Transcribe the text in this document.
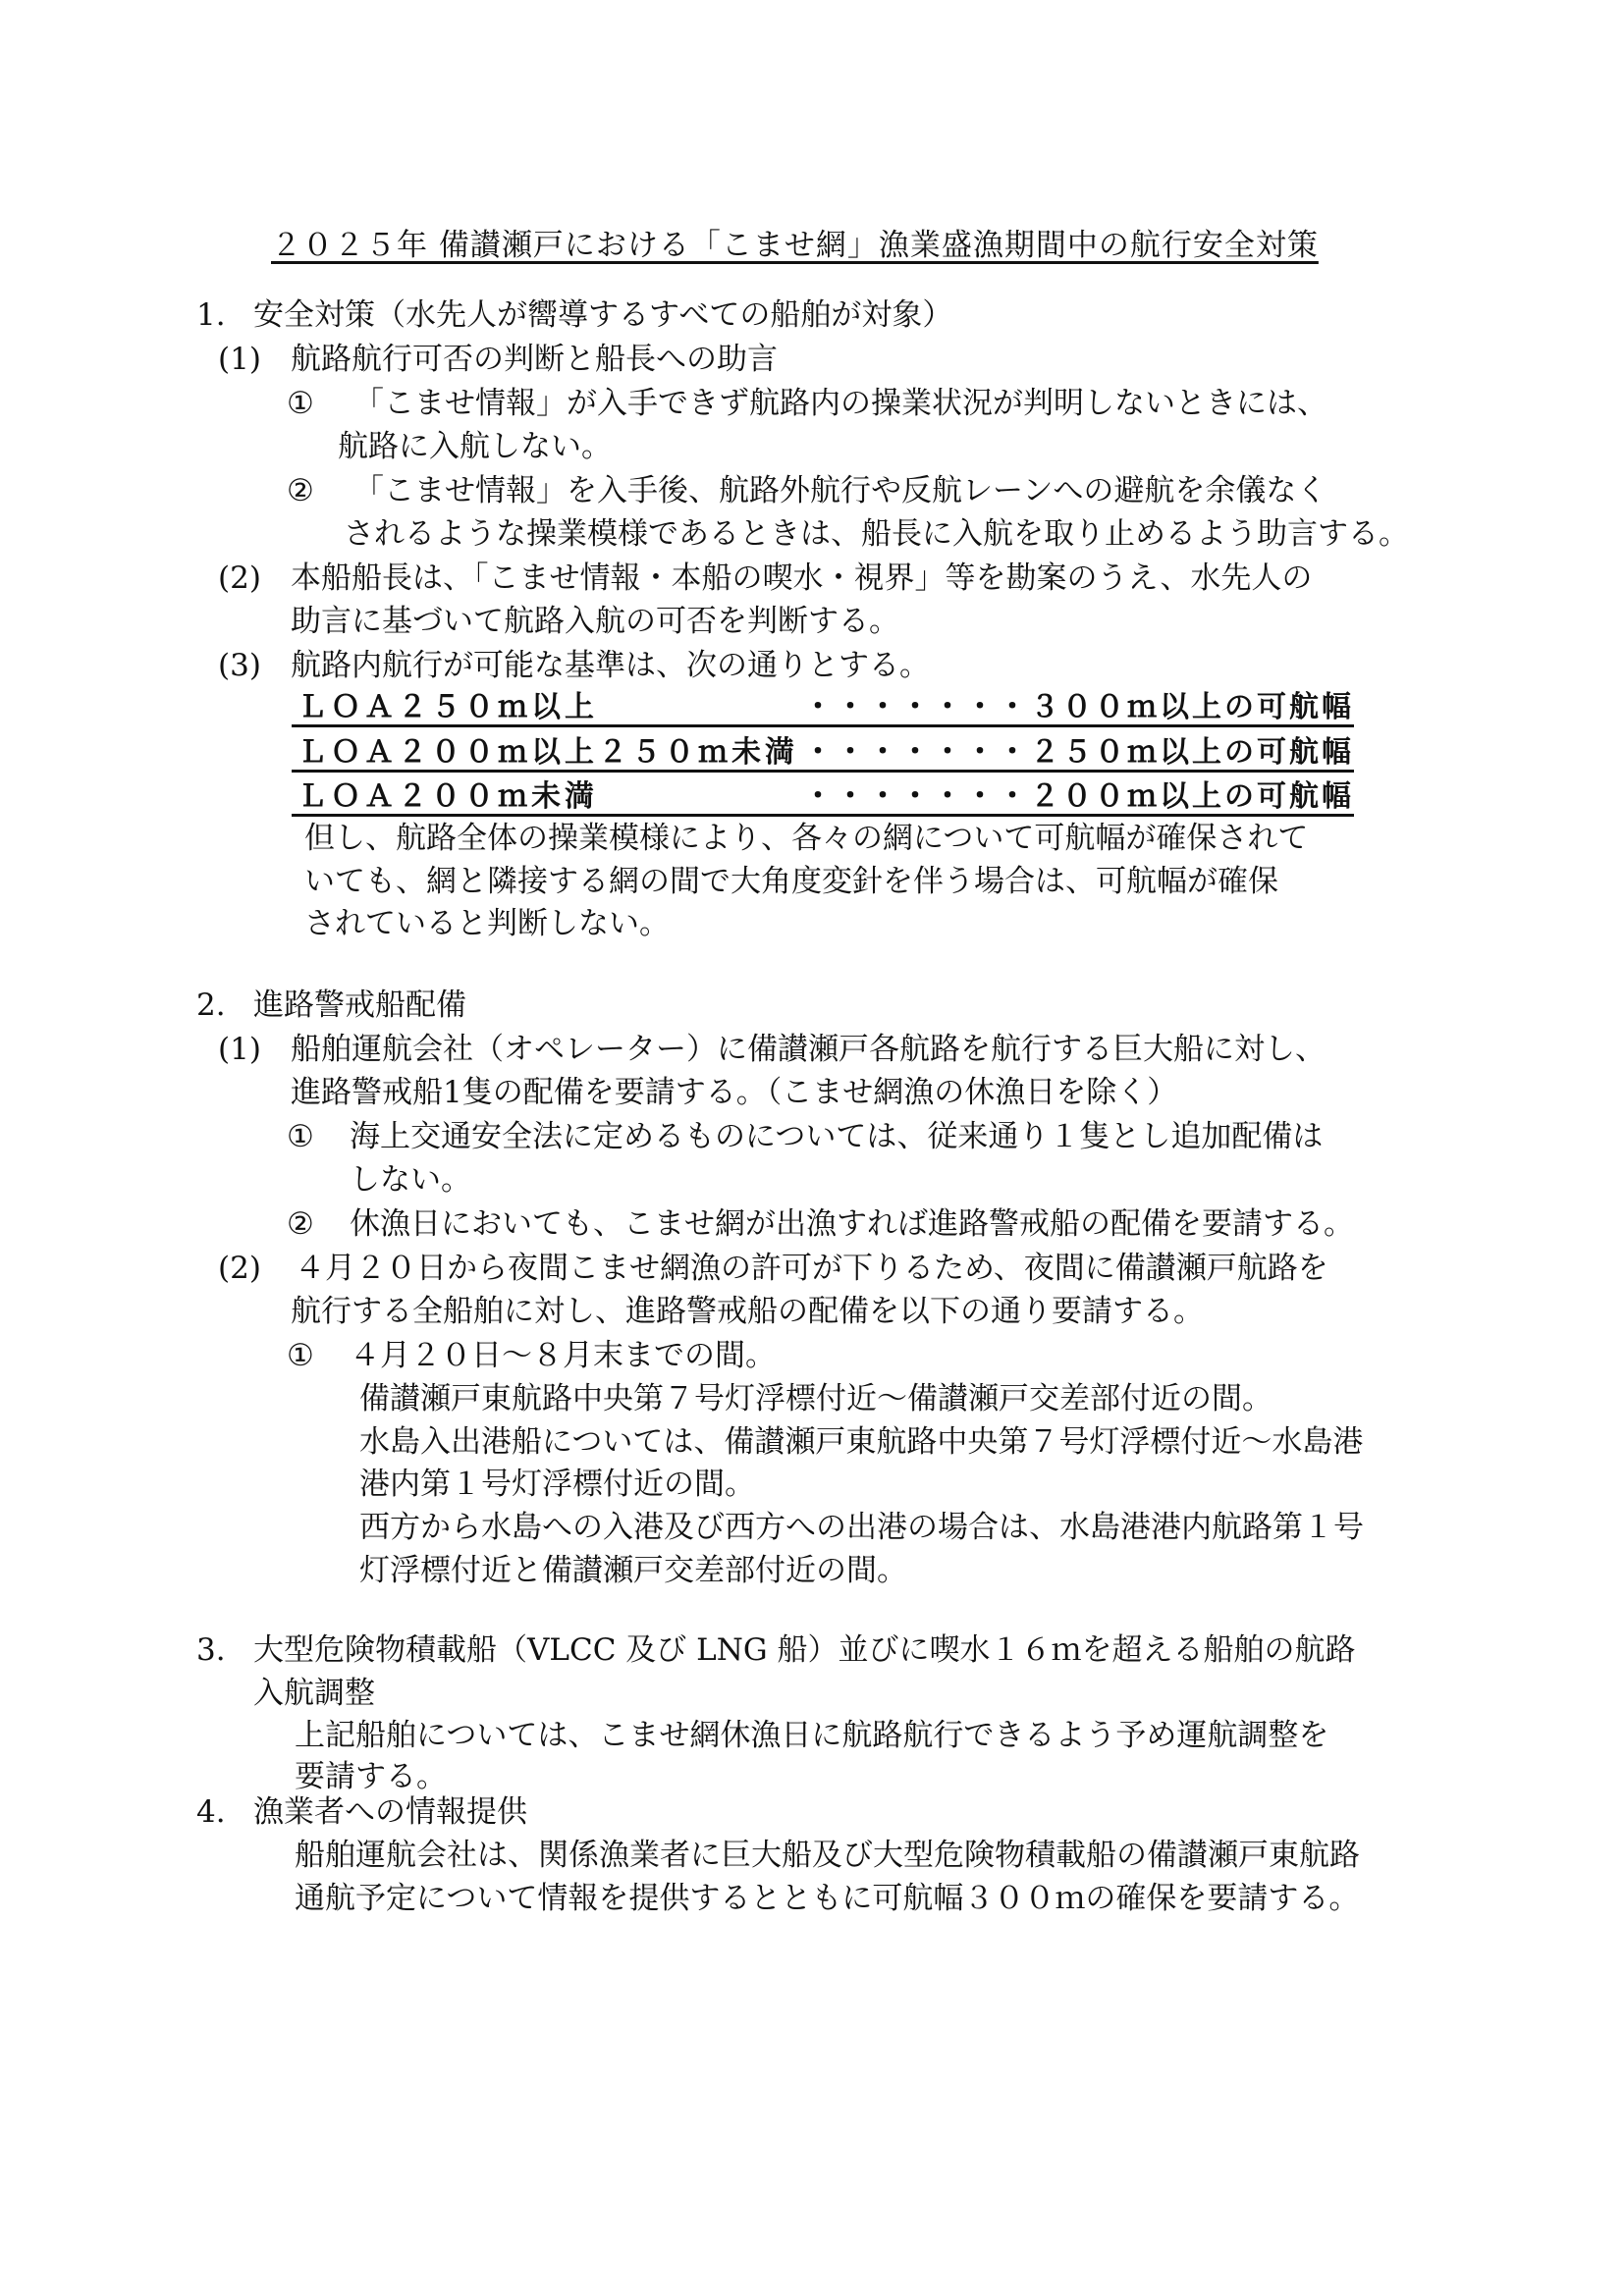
２０２５年 備讃瀬戸における「こませ網」漁業盛漁期間中の航行安全対策
1. 安全対策（水先人が嚮導するすべての船舶が対象）
(1) 航路航行可否の判断と船長への助言
① 「こませ情報」が入手できず航路内の操業状況が判明しないときには、
航路に入航しない。
② 「こませ情報」を入手後、航路外航行や反航レーンへの避航を余儀なく
されるような操業模様であるときは、船長に入航を取り止めるよう助言する。
(2) 本船船長は、「こませ情報・本船の喫水・視界」等を勘案のうえ、水先人の
助言に基づいて航路入航の可否を判断する。
(3) 航路内航行が可能な基準は、次の通りとする。
ＬＯＡ２５０ｍ以上	・・・・・・・３００ｍ以上の可航幅
ＬＯＡ２００ｍ以上２５０ｍ未満 ・・・・・・・２５０ｍ以上の可航幅
ＬＯＡ２００ｍ未満	・・・・・・・２００ｍ以上の可航幅
但し、航路全体の操業模様により、各々の網について可航幅が確保されて
いても、網と隣接する網の間で大角度変針を伴う場合は、可航幅が確保
されていると判断しない。
2. 進路警戒船配備
(1) 船舶運航会社（オペレーター）に備讃瀬戸各航路を航行する巨大船に対し、
進路警戒船1隻の配備を要請する。（こませ網漁の休漁日を除く）
① 海上交通安全法に定めるものについては、従来通り１隻とし追加配備は
しない。
② 休漁日においても、こませ網が出漁すれば進路警戒船の配備を要請する。
(2) ４月２０日から夜間こませ網漁の許可が下りるため、夜間に備讃瀬戸航路を
航行する全船舶に対し、進路警戒船の配備を以下の通り要請する。
① ４月２０日～８月末までの間。
備讃瀬戸東航路中央第７号灯浮標付近～備讃瀬戸交差部付近の間。
水島入出港船については、備讃瀬戸東航路中央第７号灯浮標付近～水島港
港内第１号灯浮標付近の間。
西方から水島への入港及び西方への出港の場合は、水島港港内航路第１号
灯浮標付近と備讃瀬戸交差部付近の間。
3. 大型危険物積載船（VLCC 及び LNG 船）並びに喫水１６ｍを超える船舶の航路
入航調整
上記船舶については、こませ網休漁日に航路航行できるよう予め運航調整を
要請する。
4. 漁業者への情報提供
船舶運航会社は、関係漁業者に巨大船及び大型危険物積載船の備讃瀬戸東航路
通航予定について情報を提供するとともに可航幅３００ｍの確保を要請する。
